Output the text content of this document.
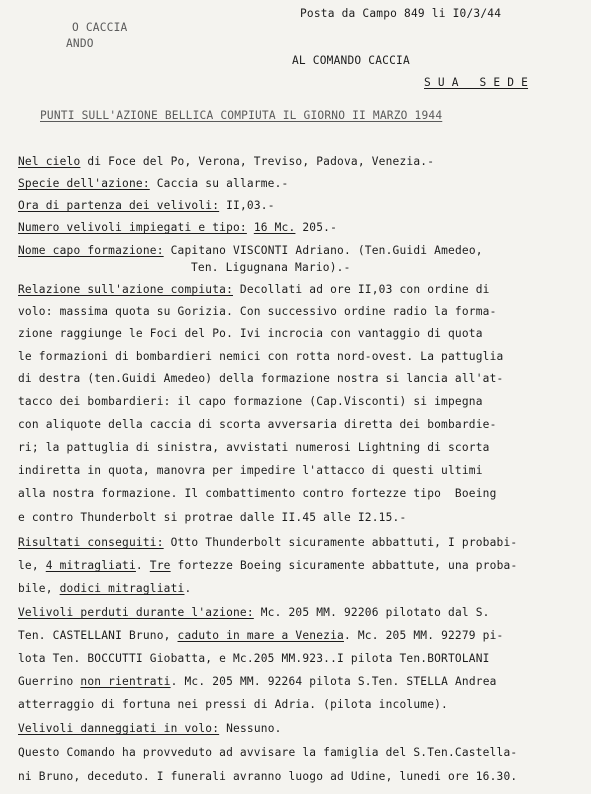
Posta da Campo 849 li I0/3/44
O CACCIA
ANDO
AL COMANDO CACCIA
S U A   S E D E
PUNTI SULL'AZIONE BELLICA COMPIUTA IL GIORNO II MARZO 1944
Nel cielo di Foce del Po, Verona, Treviso, Padova, Venezia.-
Specie dell'azione: Caccia su allarme.-
Ora di partenza dei velivoli: II,03.-
Numero velivoli impiegati e tipo: 16 Mc. 205.-
Nome capo formazione: Capitano VISCONTI Adriano. (Ten.Guidi Amedeo,
Ten. Ligugnana Mario).-
Relazione sull'azione compiuta: Decollati ad ore II,03 con ordine di
volo: massima quota su Gorizia. Con successivo ordine radio la forma-
zione raggiunge le Foci del Po. Ivi incrocia con vantaggio di quota
le formazioni di bombardieri nemici con rotta nord-ovest. La pattuglia
di destra (ten.Guidi Amedeo) della formazione nostra si lancia all'at-
tacco dei bombardieri: il capo formazione (Cap.Visconti) si impegna
con aliquote della caccia di scorta avversaria diretta dei bombardie-
ri; la pattuglia di sinistra, avvistati numerosi Lightning di scorta
indiretta in quota, manovra per impedire l'attacco di questi ultimi
alla nostra formazione. Il combattimento contro fortezze tipo  Boeing
e contro Thunderbolt si protrae dalle II.45 alle I2.15.-
Risultati conseguiti: Otto Thunderbolt sicuramente abbattuti, I probabi-
le, 4 mitragliati. Tre fortezze Boeing sicuramente abbattute, una proba-
bile, dodici mitragliati.
Velivoli perduti durante l'azione: Mc. 205 MM. 92206 pilotato dal S.
Ten. CASTELLANI Bruno, caduto in mare a Venezia. Mc. 205 MM. 92279 pi-
lota Ten. BOCCUTTI Giobatta, e Mc.205 MM.923..I pilota Ten.BORTOLANI
Guerrino non rientrati. Mc. 205 MM. 92264 pilota S.Ten. STELLA Andrea
atterraggio di fortuna nei pressi di Adria. (pilota incolume).
Velivoli danneggiati in volo: Nessuno.
Questo Comando ha provveduto ad avvisare la famiglia del S.Ten.Castella-
ni Bruno, deceduto. I funerali avranno luogo ad Udine, lunedi ore 16.30.
